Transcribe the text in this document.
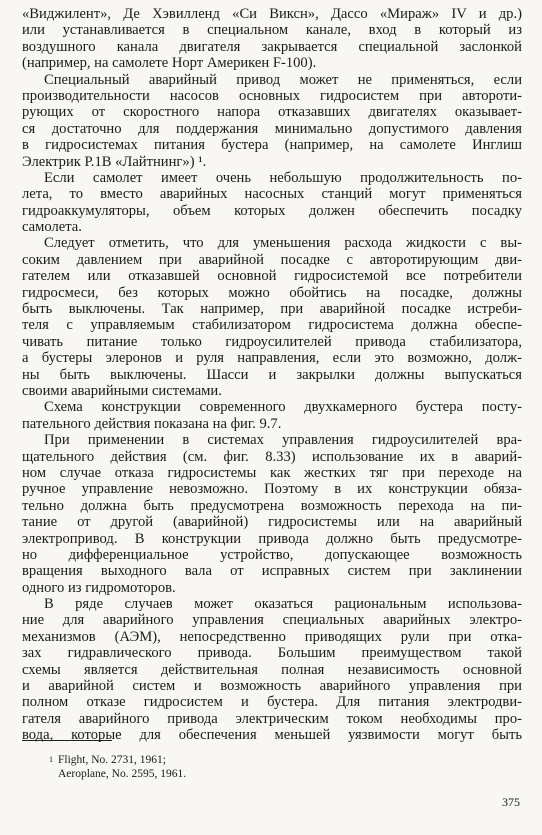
«Виджилент», Де Хэвилленд «Си Виксн», Дассо «Мираж» IV и др.)
или устанавливается в специальном канале, вход в который из
воздушного канала двигателя закрывается специальной заслонкой
(например, на самолете Норт Америкен F-100).
Специальный аварийный привод может не применяться, если
производительности насосов основных гидросистем при автороти-
рующих от скоростного напора отказавших двигателях оказывает-
ся достаточно для поддержания минимально допустимого давления
в гидросистемах питания бустера (например, на самолете Инглиш
Электрик Р.1В «Лайтнинг») ¹.
Если самолет имеет очень небольшую продолжительность по-
лета, то вместо аварийных насосных станций могут применяться
гидроаккумуляторы, объем которых должен обеспечить посадку
самолета.
Следует отметить, что для уменьшения расхода жидкости с вы-
соким давлением при аварийной посадке с авторотирующим дви-
гателем или отказавшей основной гидросистемой все потребители
гидросмеси, без которых можно обойтись на посадке, должны
быть выключены. Так например, при аварийной посадке истреби-
теля с управляемым стабилизатором гидросистема должна обеспе-
чивать питание только гидроусилителей привода стабилизатора,
а бустеры элеронов и руля направления, если это возможно, долж-
ны быть выключены. Шасси и закрылки должны выпускаться
своими аварийными системами.
Схема конструкции современного двухкамерного бустера посту-
пательного действия показана на фиг. 9.7.
При применении в системах управления гидроусилителей вра-
щательного действия (см. фиг. 8.33) использование их в аварий-
ном случае отказа гидросистемы как жестких тяг при переходе на
ручное управление невозможно. Поэтому в их конструкции обяза-
тельно должна быть предусмотрена возможность перехода на пи-
тание от другой (аварийной) гидросистемы или на аварийный
электропривод. В конструкции привода должно быть предусмотре-
но дифференциальное устройство, допускающее возможность
вращения выходного вала от исправных систем при заклинении
одного из гидромоторов.
В ряде случаев может оказаться рациональным использова-
ние для аварийного управления специальных аварийных электро-
механизмов (АЭМ), непосредственно приводящих рули при отка-
зах гидравлического привода. Большим преимуществом такой
схемы является действительная полная независимость основной
и аварийной систем и возможность аварийного управления при
полном отказе гидросистем и бустера. Для питания электродви-
гателя аварийного привода электрическим током необходимы про-
вода, которые для обеспечения меньшей уязвимости могут быть
$^1$ Flight, No. 2731, 1961;
Aeroplane, No. 2595, 1961.
375
